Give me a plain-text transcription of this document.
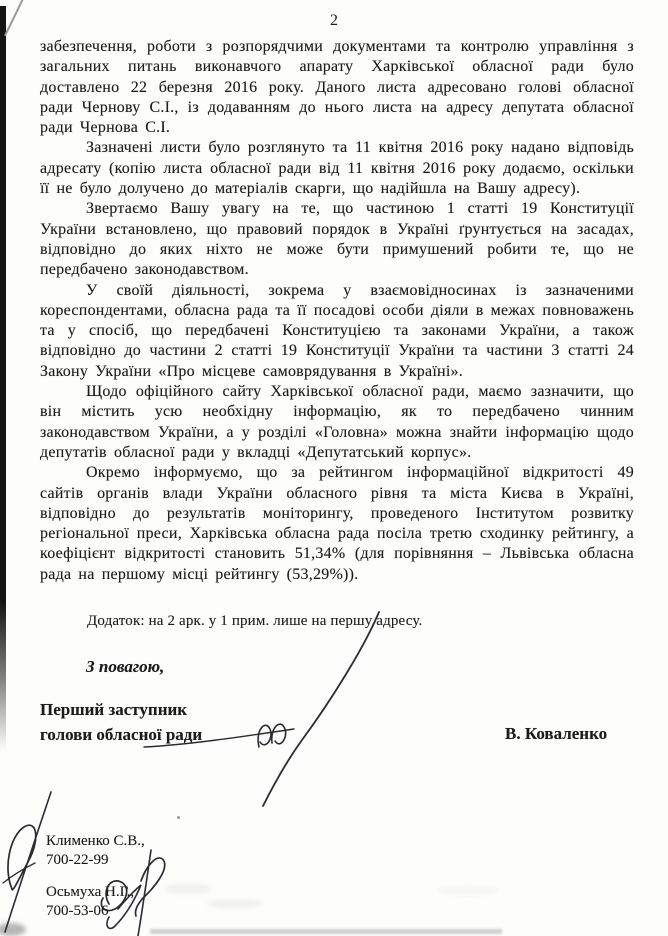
2

забезпечення, роботи з розпорядчими документами та контролю управління з загальних питань виконавчого апарату Харківської обласної ради було доставлено 22 березня 2016 року. Даного листа адресовано голові обласної ради Чернову С.І., із додаванням до нього листа на адресу депутата обласної ради Чернова С.І.

Зазначені листи було розглянуто та 11 квітня 2016 року надано відповідь адресату (копію листа обласної ради від 11 квітня 2016 року додаємо, оскільки її не було долучено до матеріалів скарги, що надійшла на Вашу адресу).

Звертаємо Вашу увагу на те, що частиною 1 статті 19 Конституції України встановлено, що правовий порядок в Україні ґрунтується на засадах, відповідно до яких ніхто не може бути примушений робити те, що не передбачено законодавством.

У своїй діяльності, зокрема у взаємовідносинах із зазначеними кореспондентами, обласна рада та її посадові особи діяли в межах повноважень та у спосіб, що передбачені Конституцією та законами України, а також відповідно до частини 2 статті 19 Конституції України та частини 3 статті 24 Закону України «Про місцеве самоврядування в Україні».

Щодо офіційного сайту Харківської обласної ради, маємо зазначити, що він містить усю необхідну інформацію, як то передбачено чинним законодавством України, а у розділі «Головна» можна знайти інформацію щодо депутатів обласної ради у вкладці «Депутатський корпус».

Окремо інформуємо, що за рейтингом інформаційної відкритості 49 сайтів органів влади України обласного рівня та міста Києва в Україні, відповідно до результатів моніторингу, проведеного Інститутом розвитку регіональної преси, Харківська обласна рада посіла третю сходинку рейтингу, а коефіцієнт відкритості становить 51,34% (для порівняння – Львівська обласна рада на першому місці рейтингу (53,29%)).

Додаток: на 2 арк. у 1 прим. лише на першу адресу.
З повагою,
Перший заступник
голови обласної ради	В. Коваленко
Клименко С.В.,
700-22-99
Осьмуха Н.Г.,
700-53-06
